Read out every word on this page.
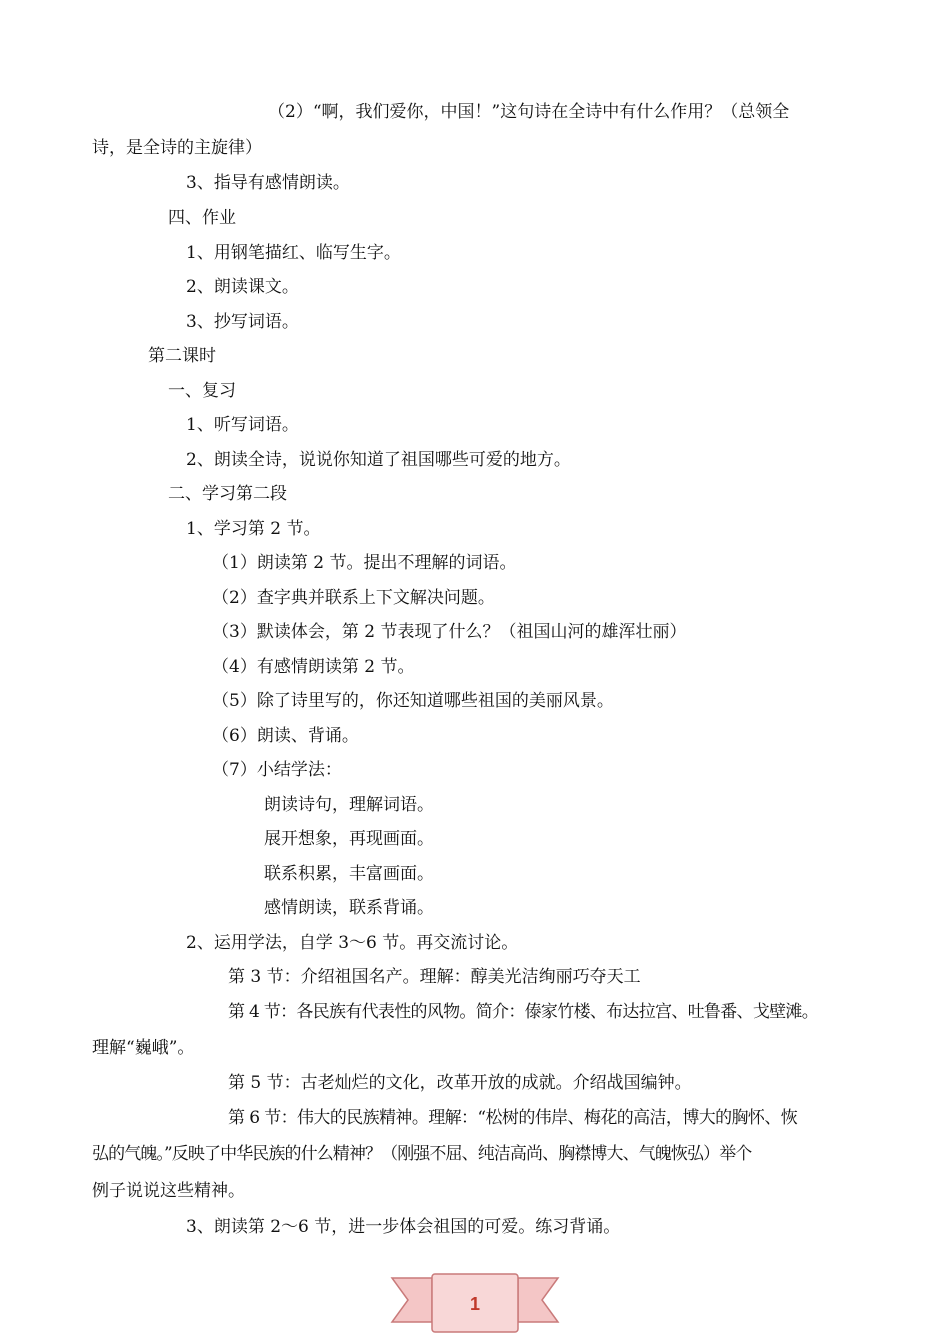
（2）“啊，我们爱你，中国！”这句诗在全诗中有什么作用？（总领全
诗，是全诗的主旋律）
3、指导有感情朗读。
四、作业
1、用钢笔描红、临写生字。
2、朗读课文。
3、抄写词语。
第二课时
一、复习
1、听写词语。
2、朗读全诗，说说你知道了祖国哪些可爱的地方。
二、学习第二段
1、学习第 2 节。
（1）朗读第 2 节。提出不理解的词语。
（2）查字典并联系上下文解决问题。
（3）默读体会，第 2 节表现了什么？（祖国山河的雄浑壮丽）
（4）有感情朗读第 2 节。
（5）除了诗里写的，你还知道哪些祖国的美丽风景。
（6）朗读、背诵。
（7）小结学法：
朗读诗句，理解词语。
展开想象，再现画面。
联系积累，丰富画面。
感情朗读，联系背诵。
2、运用学法，自学 3～6 节。再交流讨论。
第 3 节：介绍祖国名产。理解：醇美光洁绚丽巧夺天工
第 4 节：各民族有代表性的风物。简介：傣家竹楼、布达拉宫、吐鲁番、戈壁滩。
理解“巍峨”。
第 5 节：古老灿烂的文化，改革开放的成就。介绍战国编钟。
第 6 节：伟大的民族精神。理解：“松树的伟岸、梅花的高洁，博大的胸怀、恢
弘的气魄。”反映了中华民族的什么精神？（刚强不屈、纯洁高尚、胸襟博大、气魄恢弘）举个
例子说说这些精神。
3、朗读第 2～6 节，进一步体会祖国的可爱。练习背诵。
1
